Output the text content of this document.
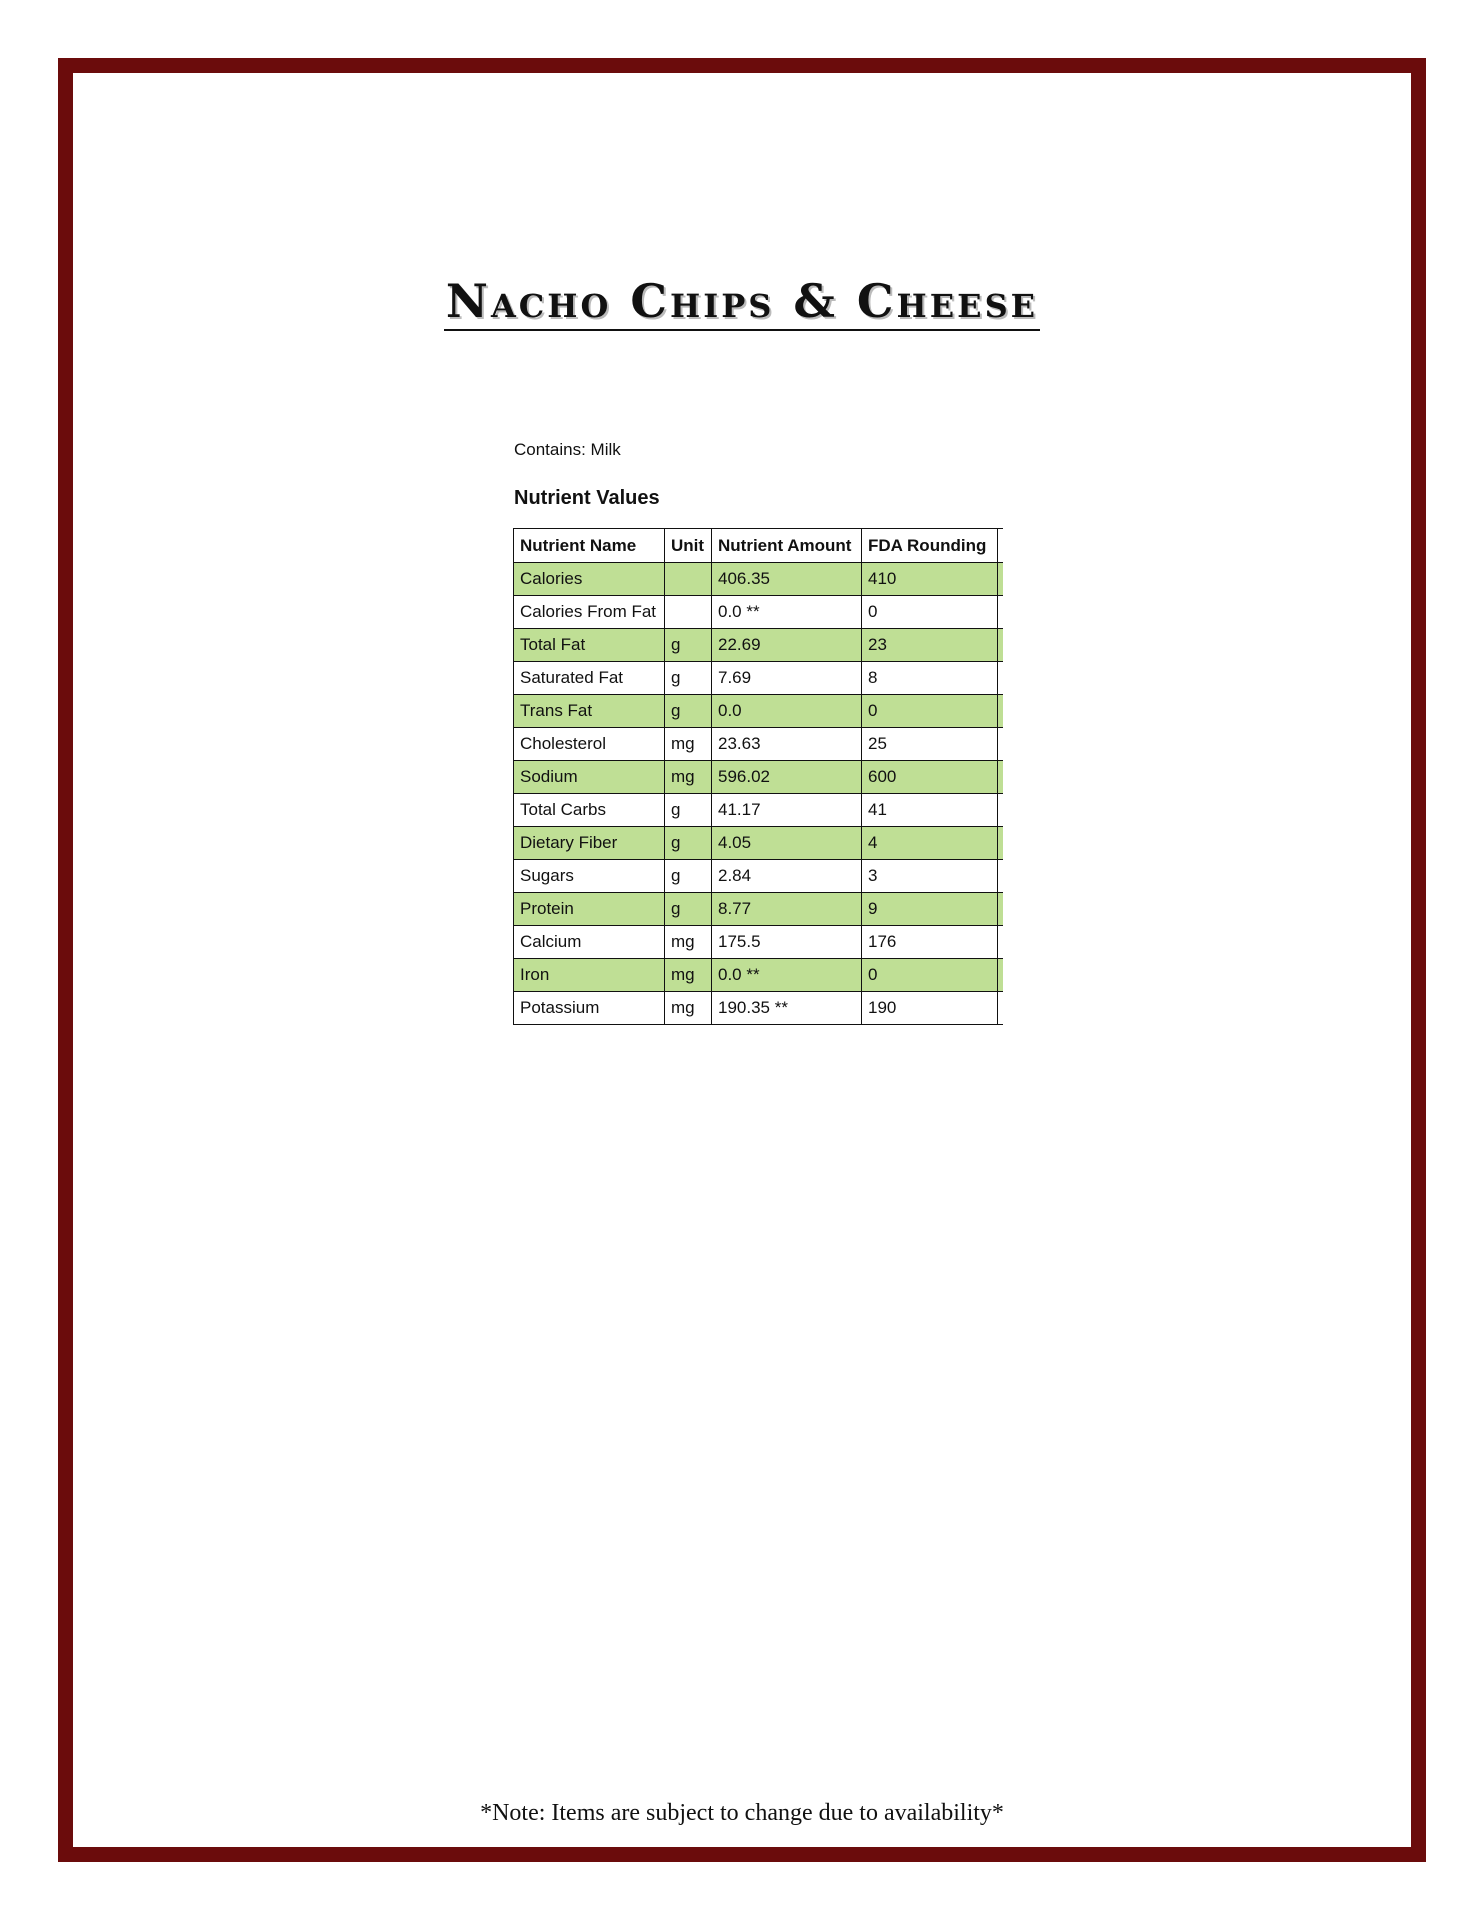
Nacho Chips & Cheese
Contains: Milk
Nutrient Values
Nutrient Name	Unit	Nutrient Amount	FDA Rounding	
Calories		406.35	410	
Calories From Fat		0.0 **	0	
Total Fat	g	22.69	23	
Saturated Fat	g	7.69	8	
Trans Fat	g	0.0	0	
Cholesterol	mg	23.63	25	
Sodium	mg	596.02	600	
Total Carbs	g	41.17	41	
Dietary Fiber	g	4.05	4	
Sugars	g	2.84	3	
Protein	g	8.77	9	
Calcium	mg	175.5	176	
Iron	mg	0.0 **	0	
Potassium	mg	190.35 **	190	
*Note: Items are subject to change due to availability*
